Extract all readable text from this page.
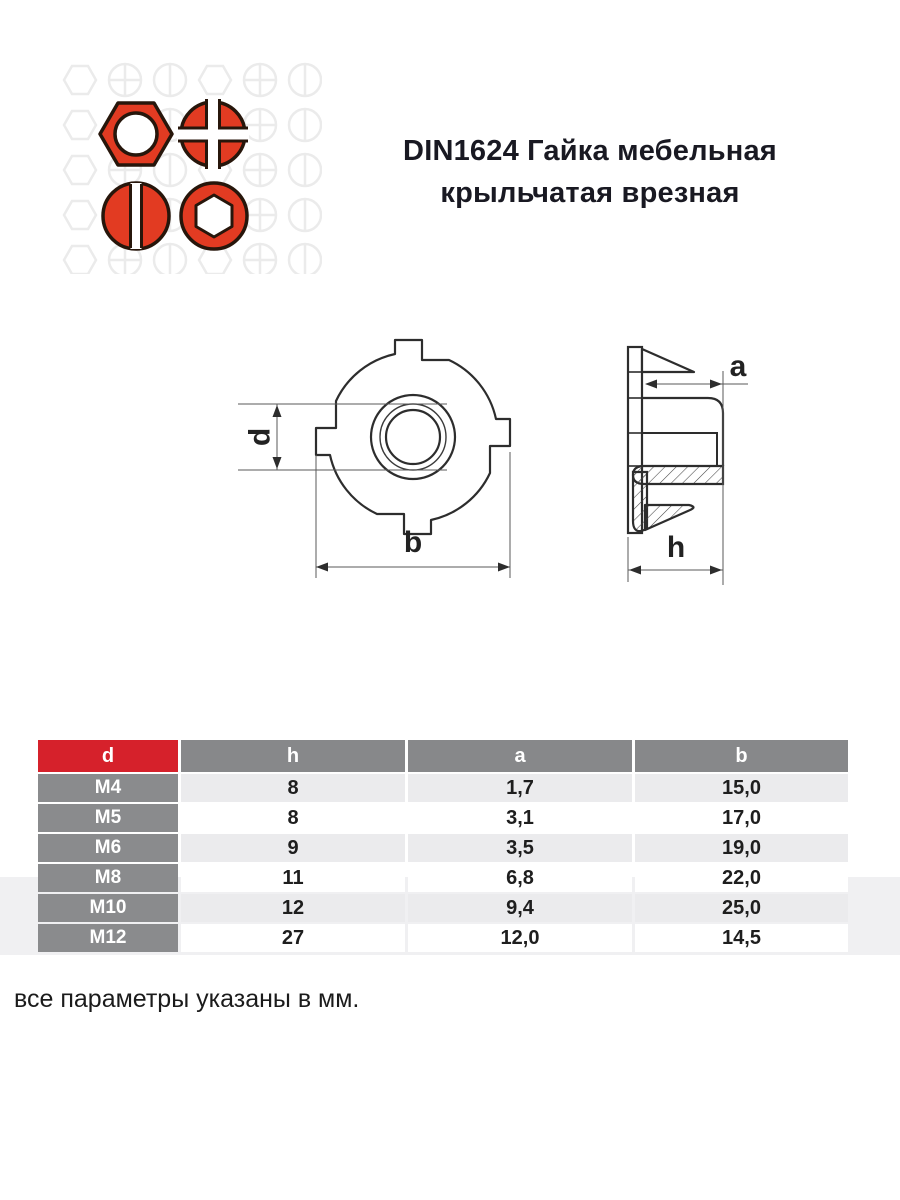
DIN1624 Гайка мебельная
крыльчатая врезная
d
b
a
h
d	h	a	b
M4	8	1,7	15,0
M5	8	3,1	17,0
M6	9	3,5	19,0
M8	11	6,8	22,0
M10	12	9,4	25,0
M12	27	12,0	14,5
все параметры указаны в мм.
